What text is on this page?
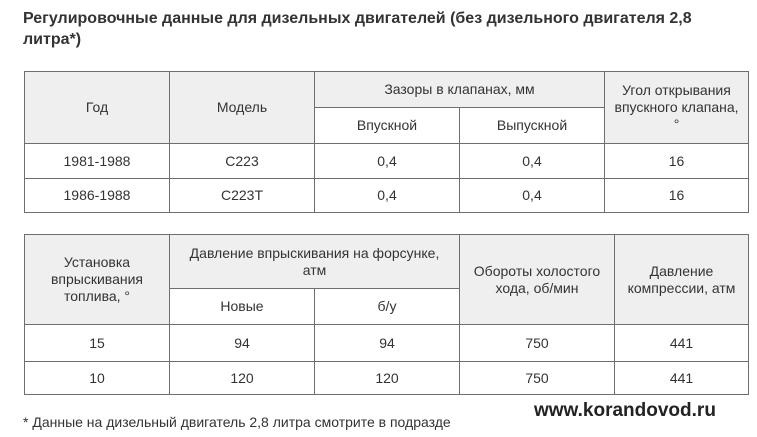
Регулировочные данные для дизельных двигателей (без дизельного двигателя 2,8 литра*)
Год	Модель	Зазоры в клапанах, мм		Угол открывания впускного клапана, °
		Впускной	Выпускной	
1981-1988	C223	0,4	0,4	16
1986-1988	C223T	0,4	0,4	16
Установка впрыскивания топлива, °	Давление впрыскивания на форсунке, атм		Обороты холостого хода, об/мин	Давление компрессии, атм
	Новые	б/у		
15	94	94	750	441
10	120	120	750	441
* Данные на дизельный двигатель 2,8 литра смотрите в подразде
www.korandovod.ru
